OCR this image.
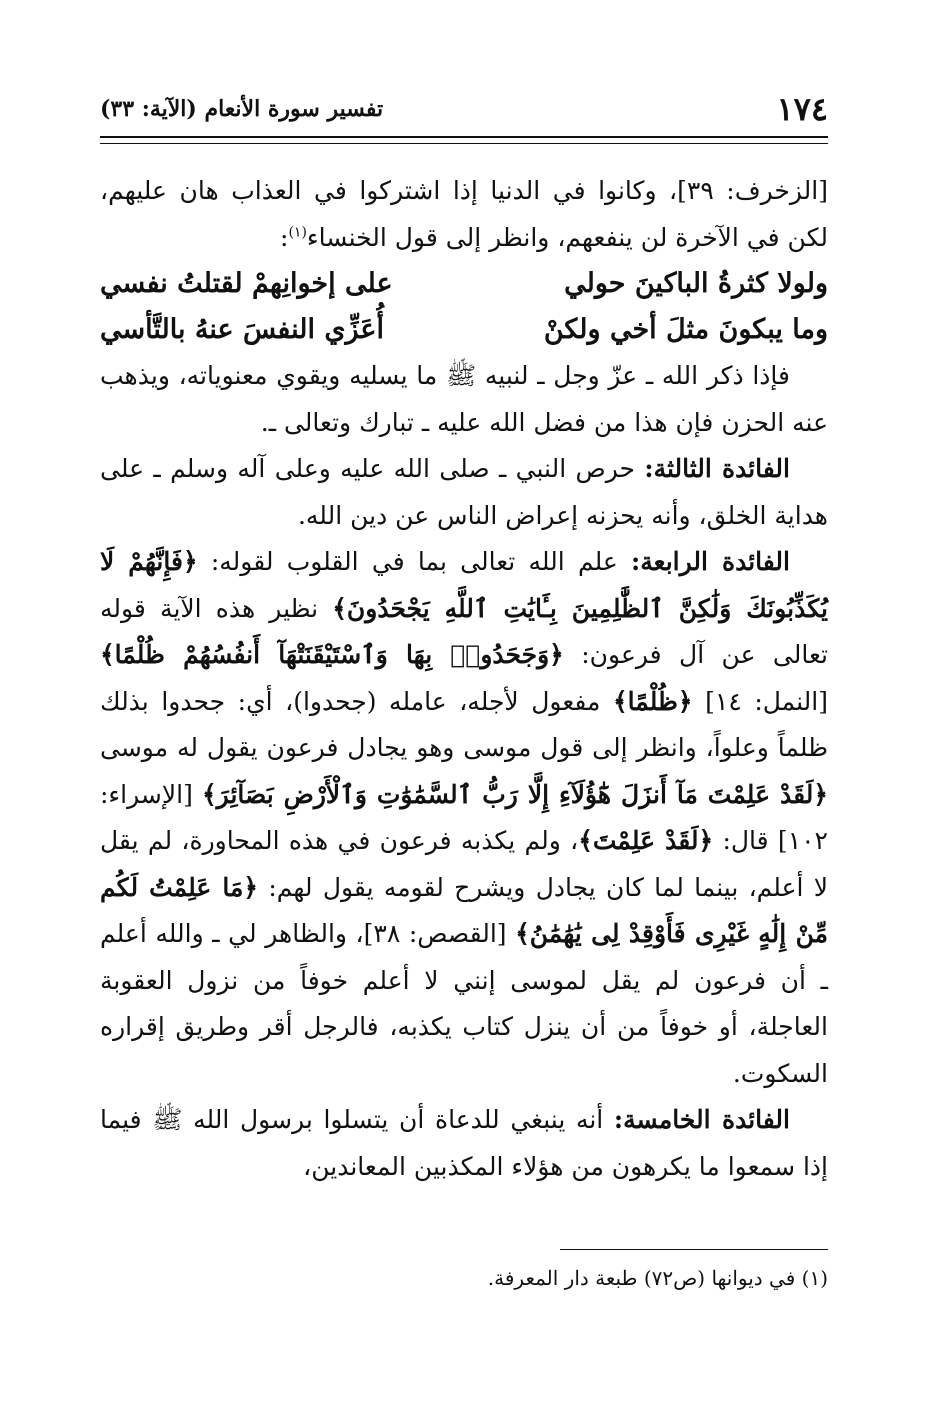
١٧٤
تفسير سورة الأنعام (الآية: ٣٣)

[الزخرف: ٣٩]، وكانوا في الدنيا إذا اشتركوا في العذاب هان عليهم، لكن في الآخرة لن ينفعهم، وانظر إلى قول الخنساء$^{(١)}$:

ولولا كثرةُ الباكينَ حولي
على إخوانِهمْ لقتلتُ نفسي
وما يبكونَ مثلَ أخي ولكنْ
أُعَزِّي النفسَ عنهُ بالتَّأسي

فإذا ذكر الله ـ عزّ وجل ـ لنبيه ﷺ ما يسليه ويقوي معنوياته، ويذهب عنه الحزن فإن هذا من فضل الله عليه ـ تبارك وتعالى ـ.

الفائدة الثالثة: حرص النبي ـ صلى الله عليه وعلى آله وسلم ـ على هداية الخلق، وأنه يحزنه إعراض الناس عن دين الله.

الفائدة الرابعة: علم الله تعالى بما في القلوب لقوله: ﴿فَإِنَّهُمْ لَا يُكَذِّبُونَكَ وَلَٰكِنَّ ٱلظَّٰلِمِينَ بِـَٔايَٰتِ ٱللَّهِ يَجْحَدُونَ﴾ نظير هذه الآية قوله تعالى عن آل فرعون: ﴿وَجَحَدُوا۟ بِهَا وَٱسْتَيْقَنَتْهَآ أَنفُسُهُمْ ظُلْمًا﴾ [النمل: ١٤] ﴿ظُلْمًا﴾ مفعول لأجله، عامله (جحدوا)، أي: جحدوا بذلك ظلماً وعلواً، وانظر إلى قول موسى وهو يجادل فرعون يقول له موسى ﴿لَقَدْ عَلِمْتَ مَآ أَنزَلَ هَٰٓؤُلَآءِ إِلَّا رَبُّ ٱلسَّمَٰوَٰتِ وَٱلْأَرْضِ بَصَآئِرَ﴾ [الإسراء: ١٠٢] قال: ﴿لَقَدْ عَلِمْتَ﴾، ولم يكذبه فرعون في هذه المحاورة، لم يقل لا أعلم، بينما لما كان يجادل ويشرح لقومه يقول لهم: ﴿مَا عَلِمْتُ لَكُم مِّنْ إِلَٰهٍ غَيْرِى فَأَوْقِدْ لِى يَٰهَٰمَٰنُ﴾ [القصص: ٣٨]، والظاهر لي ـ والله أعلم ـ أن فرعون لم يقل لموسى إنني لا أعلم خوفاً من نزول العقوبة العاجلة، أو خوفاً من أن ينزل كتاب يكذبه، فالرجل أقر وطريق إقراره السكوت.

الفائدة الخامسة: أنه ينبغي للدعاة أن يتسلوا برسول الله ﷺ فيما إذا سمعوا ما يكرهون من هؤلاء المكذبين المعاندين،

(١) في ديوانها (ص٧٢) طبعة دار المعرفة.
